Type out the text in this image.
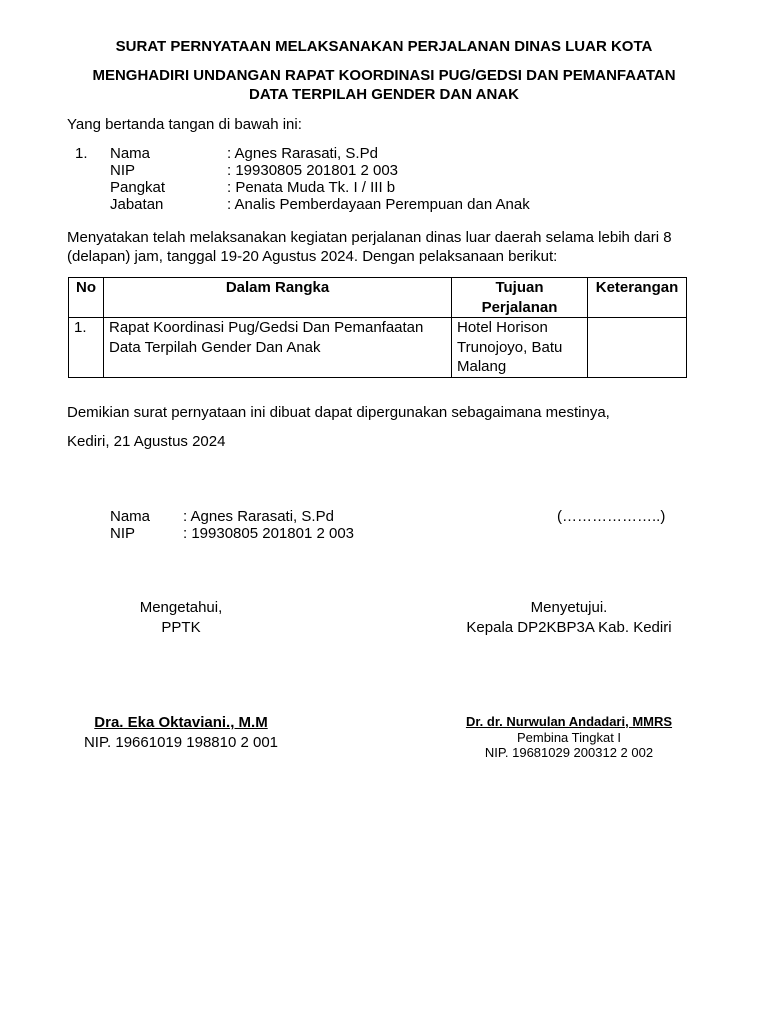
SURAT PERNYATAAN MELAKSANAKAN PERJALANAN DINAS LUAR KOTA
MENGHADIRI UNDANGAN RAPAT KOORDINASI PUG/GEDSI DAN PEMANFAATAN
DATA TERPILAH GENDER DAN ANAK
Yang bertanda tangan di bawah ini:
1. Nama	: Agnes Rarasati, S.Pd
NIP	: 19930805 201801 2 003
Pangkat	: Penata Muda Tk. I / III b
Jabatan	: Analis Pemberdayaan Perempuan dan Anak
Menyatakan telah melaksanakan kegiatan perjalanan dinas luar daerah selama lebih dari 8
(delapan) jam, tanggal 19-20 Agustus 2024. Dengan pelaksanaan berikut:
No	Dalam Rangka	Tujuan Perjalanan	Keterangan
1.	Rapat Koordinasi Pug/Gedsi Dan Pemanfaatan Data Terpilah Gender Dan Anak	Hotel Horison Trunojoyo, Batu Malang	
Demikian surat pernyataan ini dibuat dapat dipergunakan sebagaimana mestinya,
Kediri, 21 Agustus 2024
Nama : Agnes Rarasati, S.Pd
NIP	: 19930805 201801 2 003
(………………..)
Mengetahui,
PPTK
Dra. Eka Oktaviani., M.M
NIP. 19661019 198810 2 001
Menyetujui.
Kepala DP2KBP3A Kab. Kediri
Dr. dr. Nurwulan Andadari, MMRS
Pembina Tingkat I
NIP. 19681029 200312 2 002
